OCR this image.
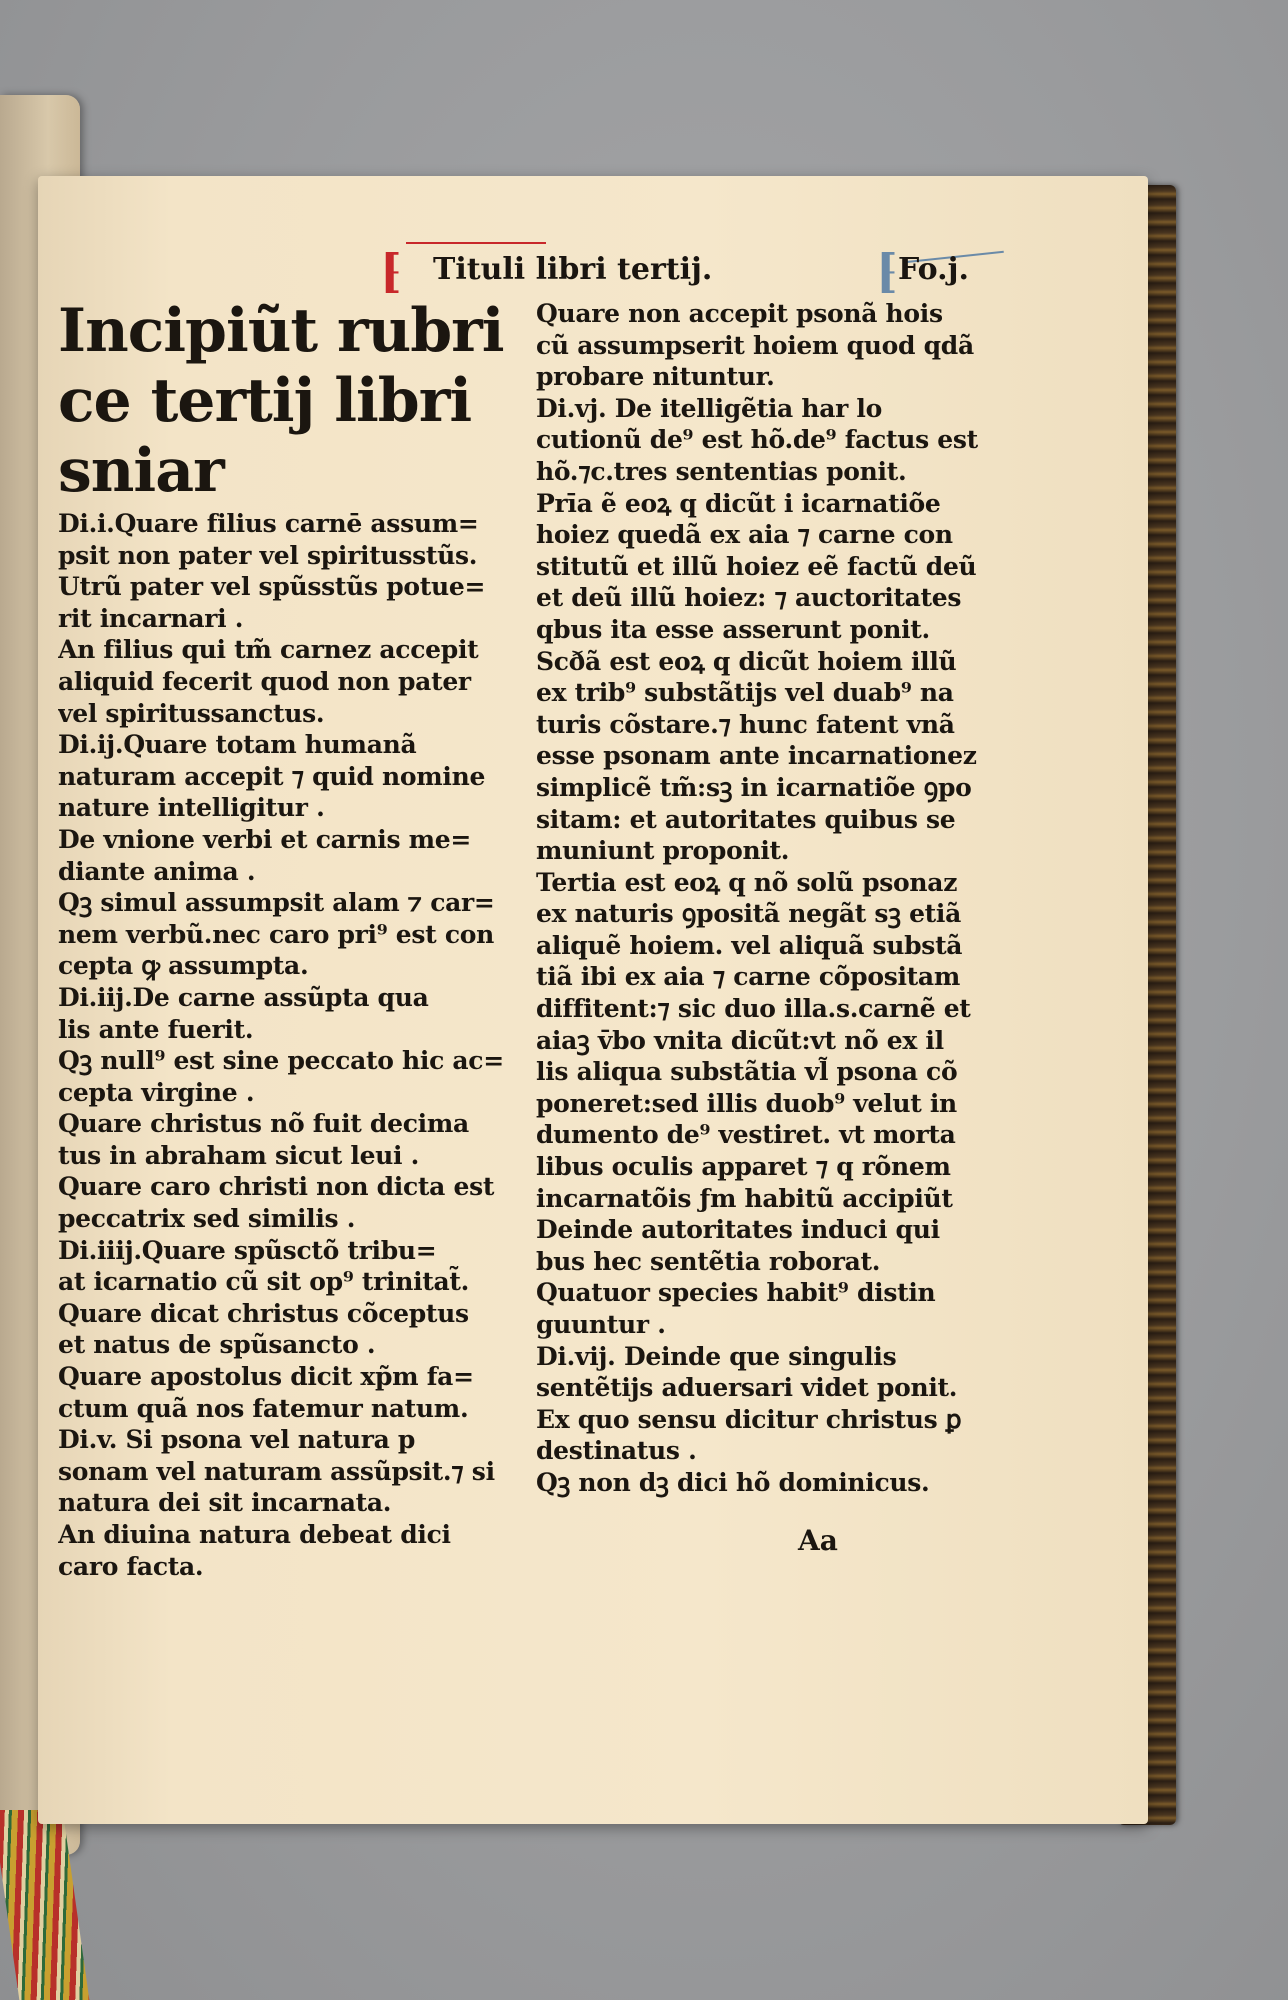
⁅ Tituli libri tertij.	⁅ Fo.j.
Incipiũt rubri
ce tertij libri sniar
Di.i.Quare filius carnē assum=
psit non pater vel spiritusstũs.
Utrũ pater vel spũsstũs potue=
rit incarnari .
An filius qui tm̃ carnez accepit
aliquid fecerit quod non pater
vel spiritussanctus.
Di.ij.Quare totam humanã
naturam accepit ⁊ quid nomine
nature intelligitur .
De vnione verbi et carnis me=
diante anima .
Qꝫ simul assumpsit alam ⁊ car=
nem verbũ.nec caro pri⁹ est con
cepta ꝙ assumpta.
Di.iij.De carne assũpta qua
lis ante fuerit.
Qꝫ null⁹ est sine peccato hic ac=
cepta virgine .
Quare christus nõ fuit decima
tus in abraham sicut leui .
Quare caro christi non dicta est
peccatrix sed similis .
Di.iiij.Quare spũsctõ tribu=
at icarnatio cũ sit op⁹ trinitat̃.
Quare dicat christus cõceptus
et natus de spũsancto .
Quare apostolus dicit xp̃m fa=
ctum quã nos fatemur natum.
Di.v. Si psona vel natura p
sonam vel naturam assũpsit.⁊ si
natura dei sit incarnata.
An diuina natura debeat dici
caro facta.
Quare non accepit psonã hois
cũ assumpserit hoiem quod qdã
probare nituntur.
Di.vj. De itelligẽtia har lo
cutionũ de⁹ est hõ.de⁹ factus est
hõ.⁊c.tres sententias ponit.
Prīa ẽ eoꝝ q dicũt i icarnatiõe
hoiez quedã ex aia ⁊ carne con
stitutũ et illũ hoiez eẽ factũ deũ
et deũ illũ hoiez: ⁊ auctoritates
qbus ita esse asserunt ponit.
Scðã est eoꝝ q dicũt hoiem illũ
ex trib⁹ substãtijs vel duab⁹ na
turis cõstare.⁊ hunc fatent vnã
esse psonam ante incarnationez
simplicẽ tm̃:sꝫ in icarnatiõe ꝯpo
sitam: et autoritates quibus se
muniunt proponit.
Tertia est eoꝝ q nõ solũ psonaz
ex naturis ꝯpositã negãt sꝫ etiã
aliquẽ hoiem. vel aliquã substã
tiã ibi ex aia ⁊ carne cõpositam
diffitent:⁊ sic duo illa.s.carnẽ et
aiaꝫ v̄bo vnita dicũt:vt nõ ex il
lis aliqua substãtia vl̃ psona cõ
poneret:sed illis duob⁹ velut in
dumento de⁹ vestiret. vt morta
libus oculis apparet ⁊ q rõnem
incarnatõis ƒm habitũ accipiũt
Deinde autoritates induci qui
bus hec sentẽtia roborat.
Quatuor species habit⁹ distin
guuntur .
Di.vij. Deinde que singulis
sentẽtijs aduersari videt ponit.
Ex quo sensu dicitur christus ꝑ
destinatus .
Qꝫ non dꝫ dici hõ dominicus.
Aa
